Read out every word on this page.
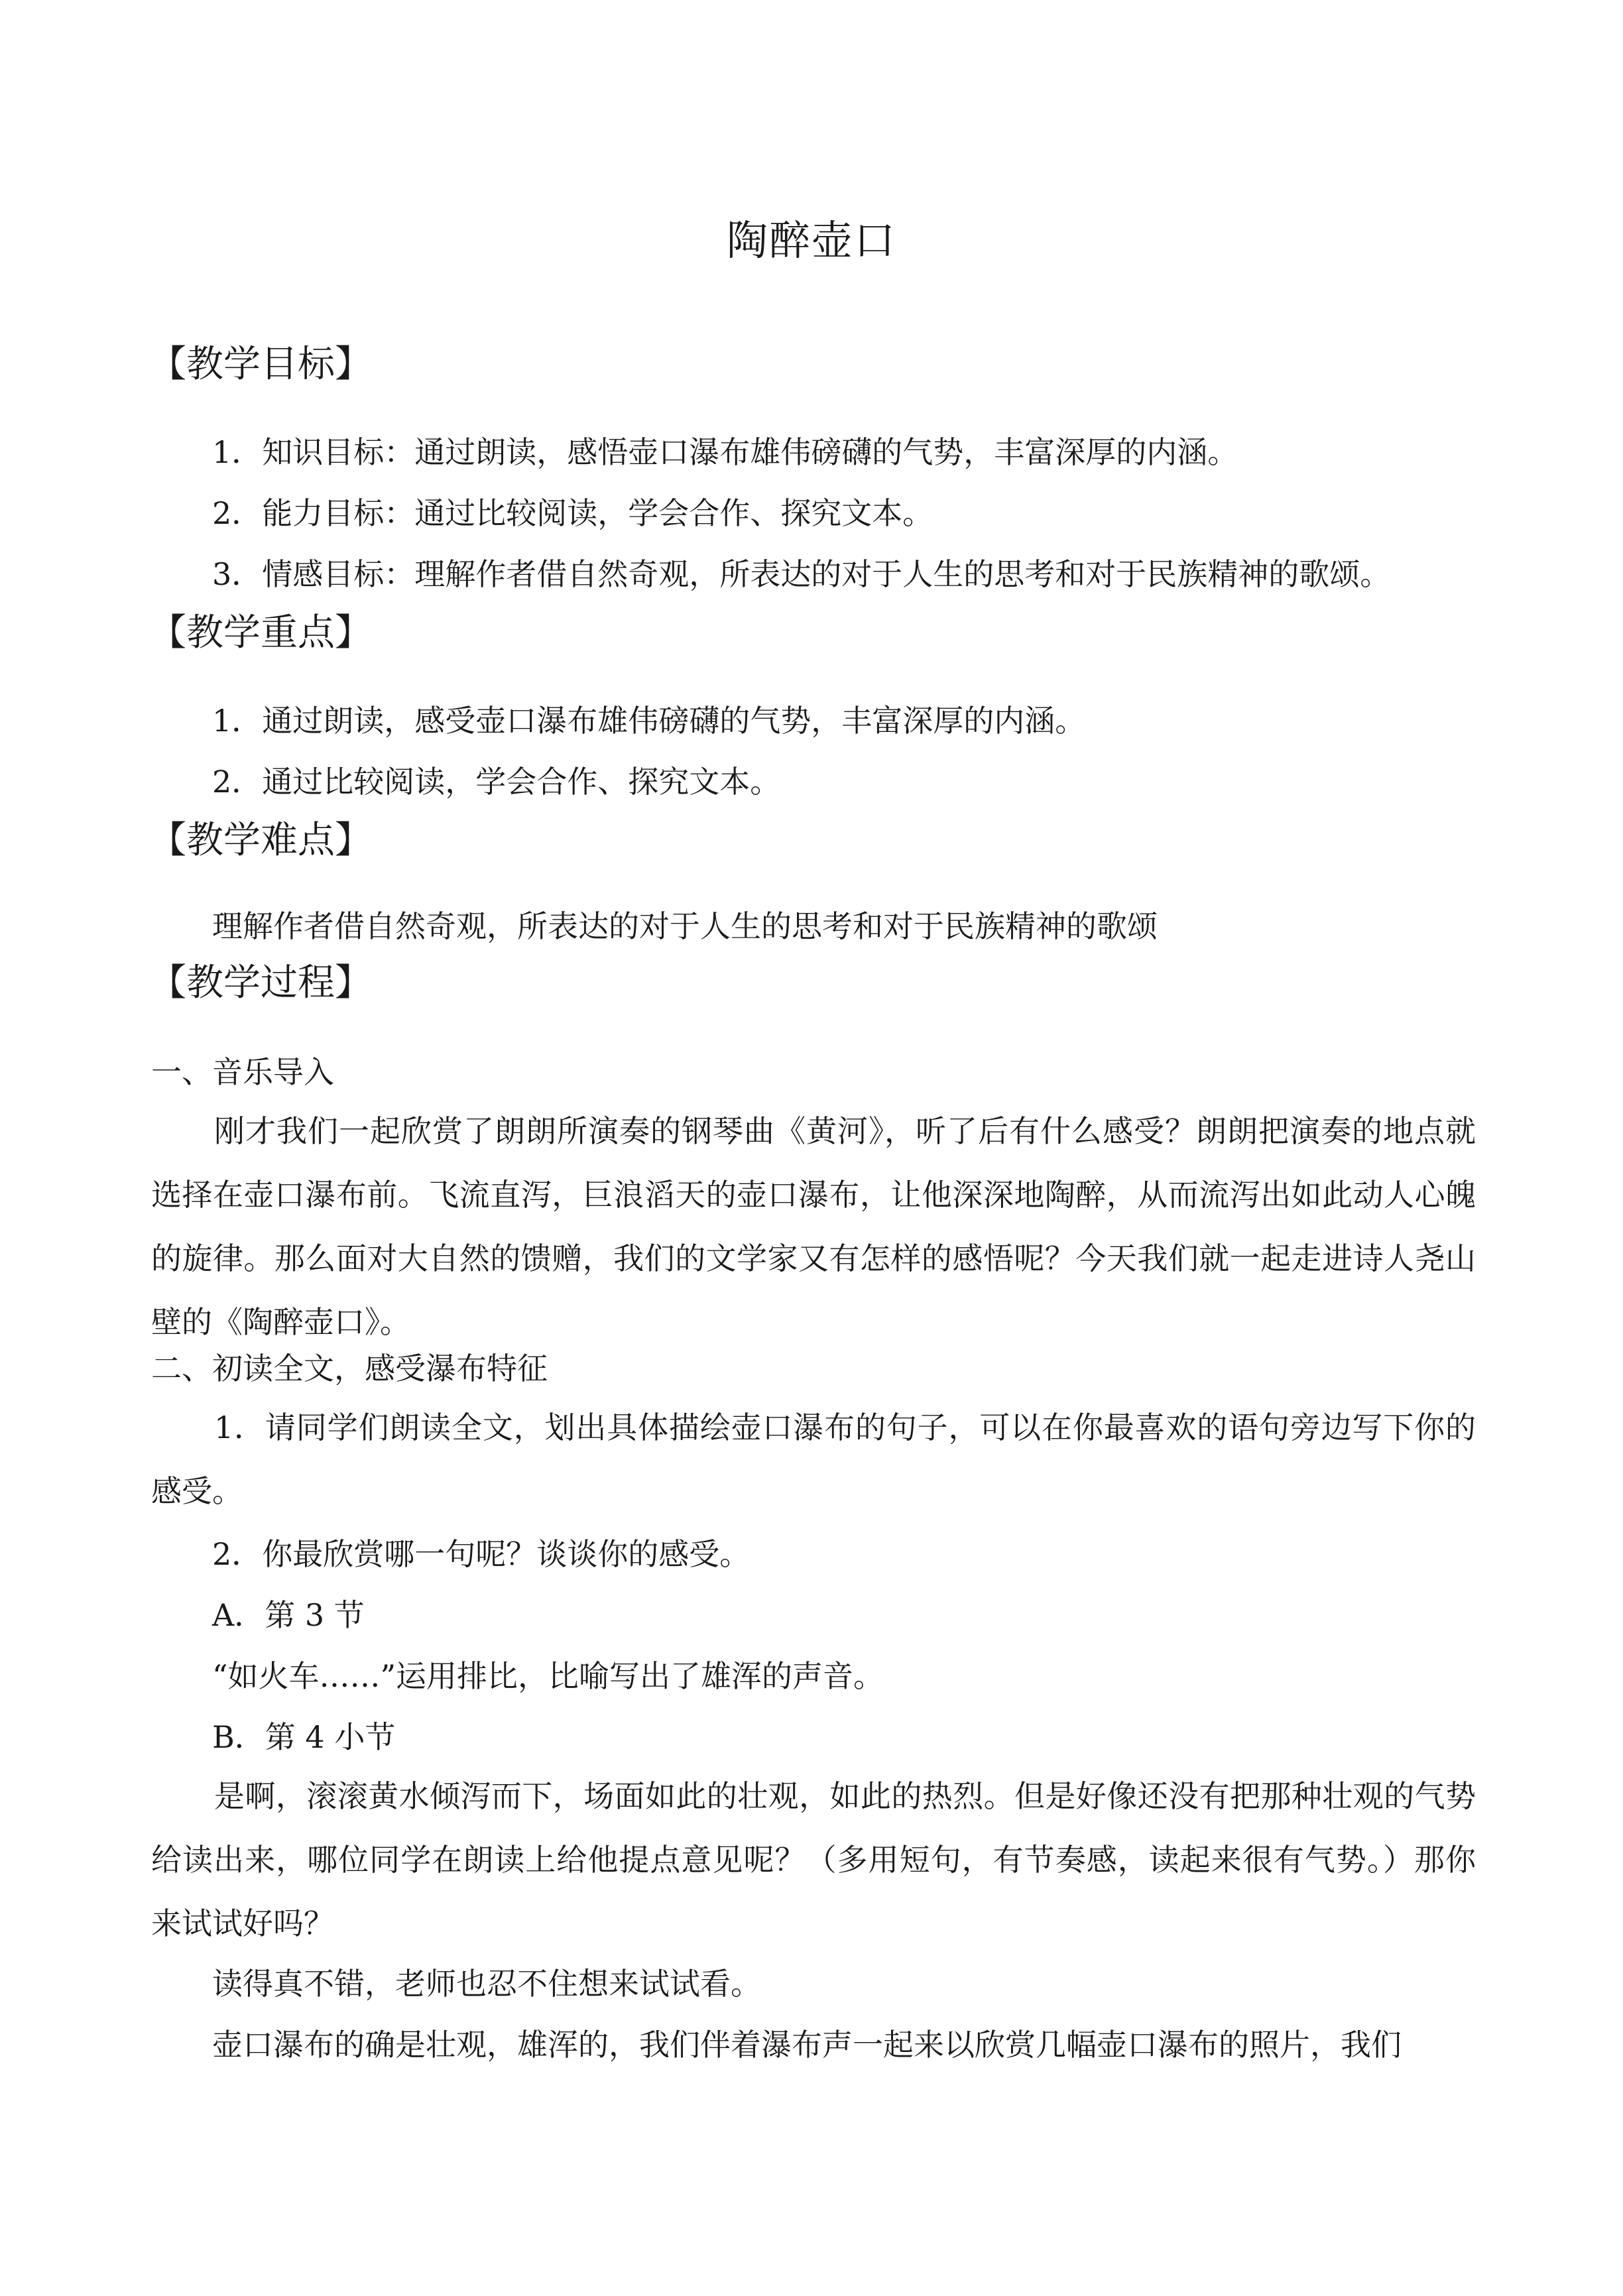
陶醉壶口
【教学目标】
1．知识目标：通过朗读，感悟壶口瀑布雄伟磅礴的气势，丰富深厚的内涵。
2．能力目标：通过比较阅读，学会合作、探究文本。
3．情感目标：理解作者借自然奇观，所表达的对于人生的思考和对于民族精神的歌颂。
【教学重点】
1．通过朗读，感受壶口瀑布雄伟磅礴的气势，丰富深厚的内涵。
2．通过比较阅读，学会合作、探究文本。
【教学难点】
理解作者借自然奇观，所表达的对于人生的思考和对于民族精神的歌颂
【教学过程】
一、音乐导入
刚才我们一起欣赏了朗朗所演奏的钢琴曲《黄河》，听了后有什么感受？朗朗把演奏的地点就选择在壶口瀑布前。飞流直泻，巨浪滔天的壶口瀑布，让他深深地陶醉，从而流泻出如此动人心魄的旋律。那么面对大自然的馈赠，我们的文学家又有怎样的感悟呢？今天我们就一起走进诗人尧山壁的《陶醉壶口》。
二、初读全文，感受瀑布特征
1．请同学们朗读全文，划出具体描绘壶口瀑布的句子，可以在你最喜欢的语句旁边写下你的感受。
2．你最欣赏哪一句呢？谈谈你的感受。
A．第 3 节
“如火车……”运用排比，比喻写出了雄浑的声音。
B．第 4 小节
是啊，滚滚黄水倾泻而下，场面如此的壮观，如此的热烈。但是好像还没有把那种壮观的气势给读出来，哪位同学在朗读上给他提点意见呢？（多用短句，有节奏感，读起来很有气势。）那你来试试好吗？
读得真不错，老师也忍不住想来试试看。
壶口瀑布的确是壮观，雄浑的，我们伴着瀑布声一起来以欣赏几幅壶口瀑布的照片，我们
